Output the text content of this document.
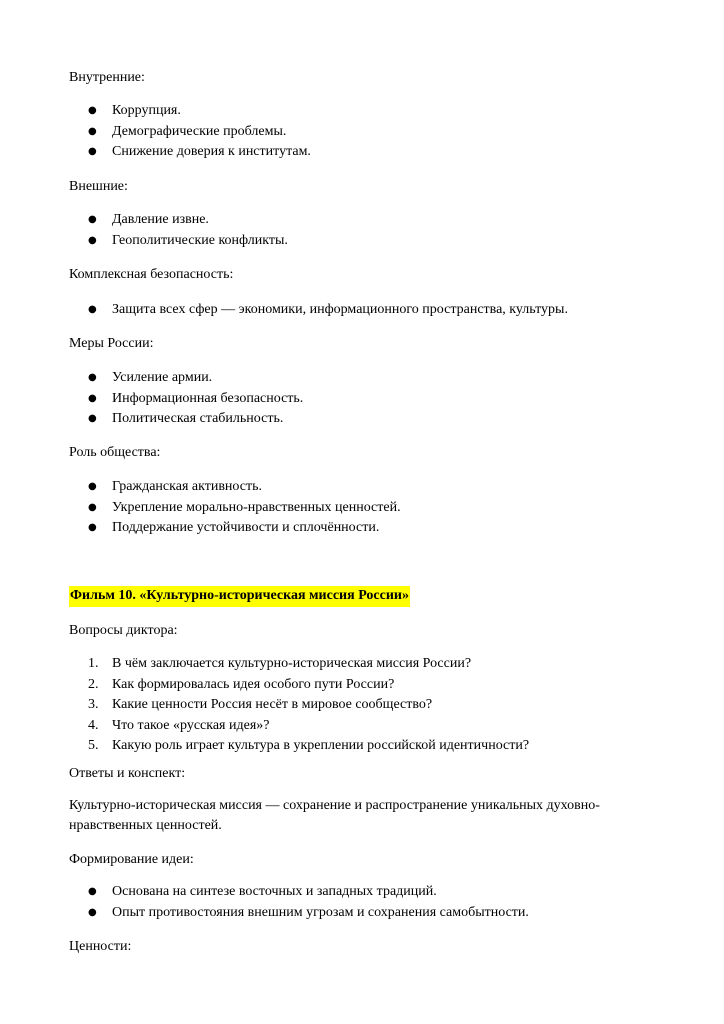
Внутренние:

●	Коррупция.
●	Демографические проблемы.
●	Снижение доверия к институтам.

Внешние:

●	Давление извне.
●	Геополитические конфликты.

Комплексная безопасность:

●	Защита всех сфер — экономики, информационного пространства, культуры.

Меры России:

●	Усиление армии.
●	Информационная безопасность.
●	Политическая стабильность.

Роль общества:

●	Гражданская активность.
●	Укрепление морально-нравственных ценностей.
●	Поддержание устойчивости и сплочённости.

Фильм 10. «Культурно-историческая миссия России»

Вопросы диктора:

1. В чём заключается культурно-историческая миссия России?
2. Как формировалась идея особого пути России?
3. Какие ценности Россия несёт в мировое сообщество?
4. Что такое «русская идея»?
5. Какую роль играет культура в укреплении российской идентичности?

Ответы и конспект:

Культурно-историческая миссия — сохранение и распространение уникальных духовно-

нравственных ценностей.

Формирование идеи:

●	Основана на синтезе восточных и западных традиций.
●	Опыт противостояния внешним угрозам и сохранения самобытности.

Ценности:
